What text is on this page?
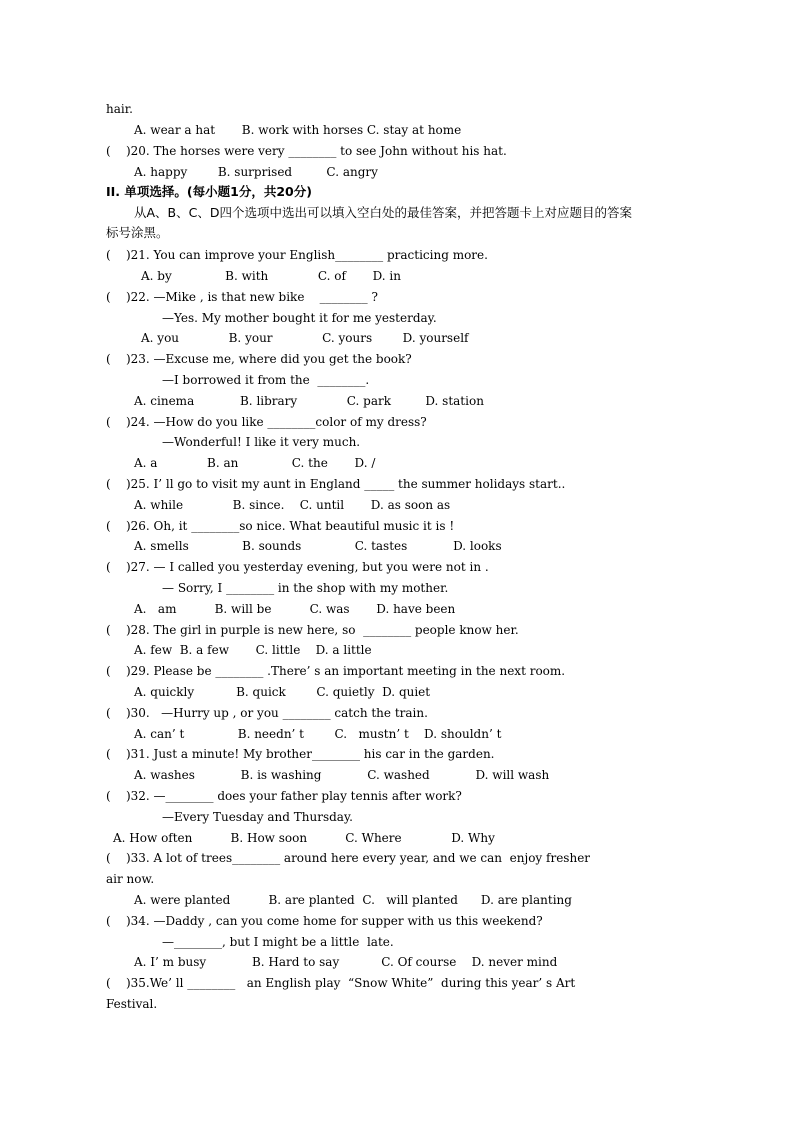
hair.
A. wear a hat       B. work with horses C. stay at home
(    )20. The horses were very ________ to see John without his hat.
A. happy        B. surprised         C. angry
II. 单项选择。(每小题1分，共20分)
从A、B、C、D四个选项中选出可以填入空白处的最佳答案，并把答题卡上对应题目的答案
标号涂黑。
(    )21. You can improve your English________ practicing more.
A. by              B. with             C. of       D. in
(    )22. —Mike , is that new bike    ________ ?
—Yes. My mother bought it for me yesterday.
A. you             B. your             C. yours        D. yourself
(    )23. —Excuse me, where did you get the book?
—I borrowed it from the  ________.
A. cinema            B. library             C. park         D. station
(    )24. —How do you like ________color of my dress?
—Wonderful! I like it very much.
A. a             B. an              C. the       D. /
(    )25. I’ ll go to visit my aunt in England _____ the summer holidays start..
A. while             B. since.    C. until       D. as soon as
(    )26. Oh, it ________so nice. What beautiful music it is !
A. smells              B. sounds              C. tastes            D. looks
(    )27. — I called you yesterday evening, but you were not in .
— Sorry, I ________ in the shop with my mother.
A.   am          B. will be          C. was       D. have been
(    )28. The girl in purple is new here, so  ________ people know her.
A. few  B. a few       C. little    D. a little
(    )29. Please be ________ .There’ s an important meeting in the next room.
A. quickly           B. quick        C. quietly  D. quiet
(    )30.   —Hurry up , or you ________ catch the train.
A. can’ t              B. needn’ t        C.   mustn’ t    D. shouldn’ t
(    )31. Just a minute! My brother________ his car in the garden.
A. washes            B. is washing            C. washed            D. will wash
(    )32. —________ does your father play tennis after work?
—Every Tuesday and Thursday.
A. How often          B. How soon          C. Where             D. Why
(    )33. A lot of trees________ around here every year, and we can  enjoy fresher
air now.
A. were planted          B. are planted  C.   will planted      D. are planting
(    )34. —Daddy , can you come home for supper with us this weekend?
—________, but I might be a little  late.
A. I’ m busy            B. Hard to say           C. Of course    D. never mind
(    )35.We’ ll ________   an English play  “Snow White”  during this year’ s Art
Festival.
